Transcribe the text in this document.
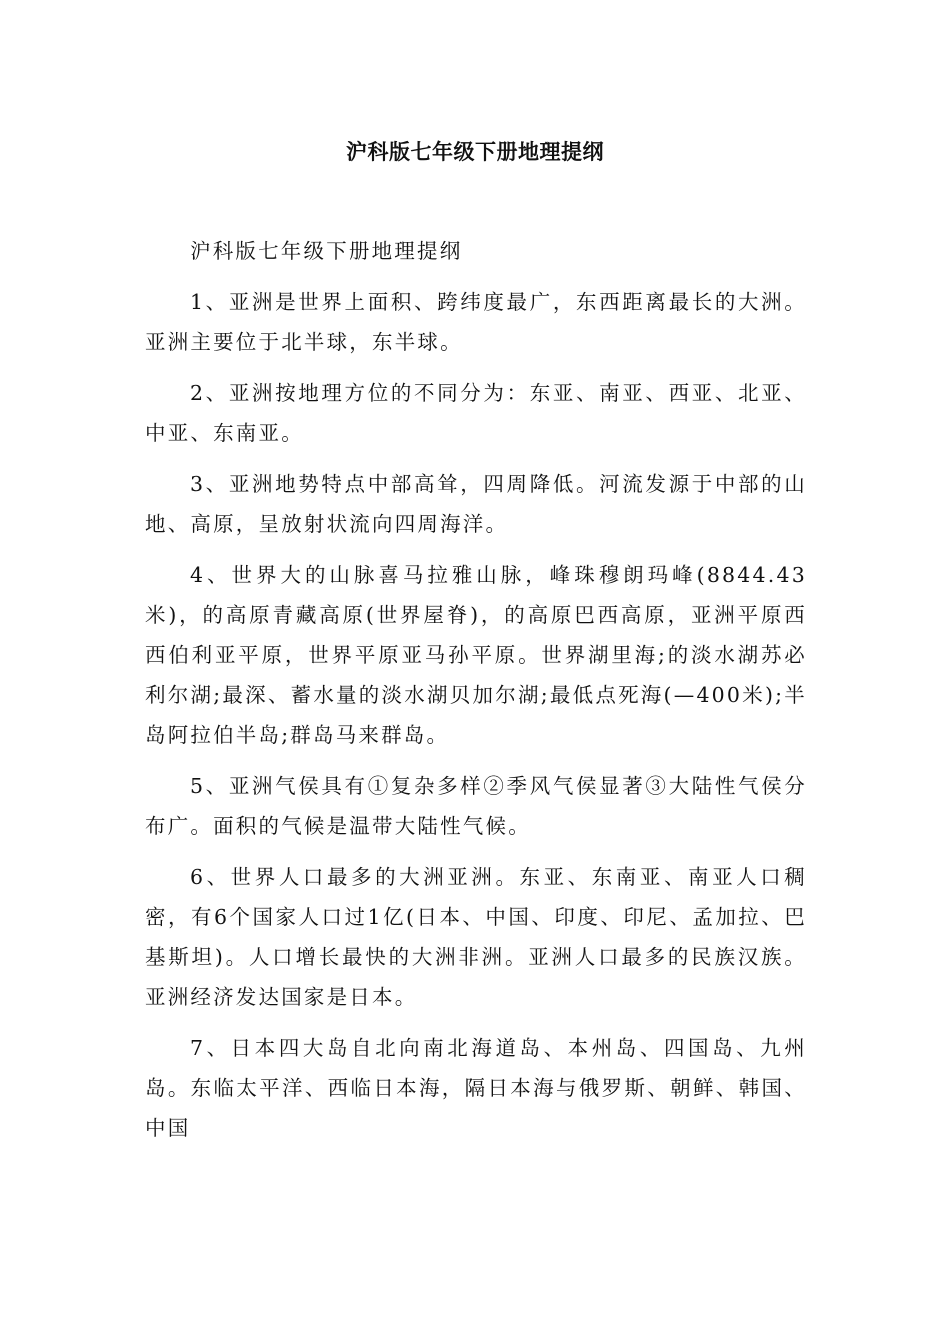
沪科版七年级下册地理提纲

沪科版七年级下册地理提纲

1、亚洲是世界上面积、跨纬度最广，东西距离最长的大洲。亚洲主要位于北半球，东半球。

2、亚洲按地理方位的不同分为：东亚、南亚、西亚、北亚、中亚、东南亚。

3、亚洲地势特点中部高耸，四周降低。河流发源于中部的山地、高原，呈放射状流向四周海洋。

4、世界大的山脉喜马拉雅山脉，峰珠穆朗玛峰(8844.43米)，的高原青藏高原(世界屋脊)，的高原巴西高原，亚洲平原西西伯利亚平原，世界平原亚马孙平原。世界湖里海;的淡水湖苏必利尔湖;最深、蓄水量的淡水湖贝加尔湖;最低点死海(—400米);半岛阿拉伯半岛;群岛马来群岛。

5、亚洲气侯具有①复杂多样②季风气侯显著③大陆性气侯分布广。面积的气候是温带大陆性气候。

6、世界人口最多的大洲亚洲。东亚、东南亚、南亚人口稠密，有6个国家人口过1亿(日本、中国、印度、印尼、孟加拉、巴基斯坦)。人口增长最快的大洲非洲。亚洲人口最多的民族汉族。亚洲经济发达国家是日本。

7、日本四大岛自北向南北海道岛、本州岛、四国岛、九州岛。东临太平洋、西临日本海，隔日本海与俄罗斯、朝鲜、韩国、中国
